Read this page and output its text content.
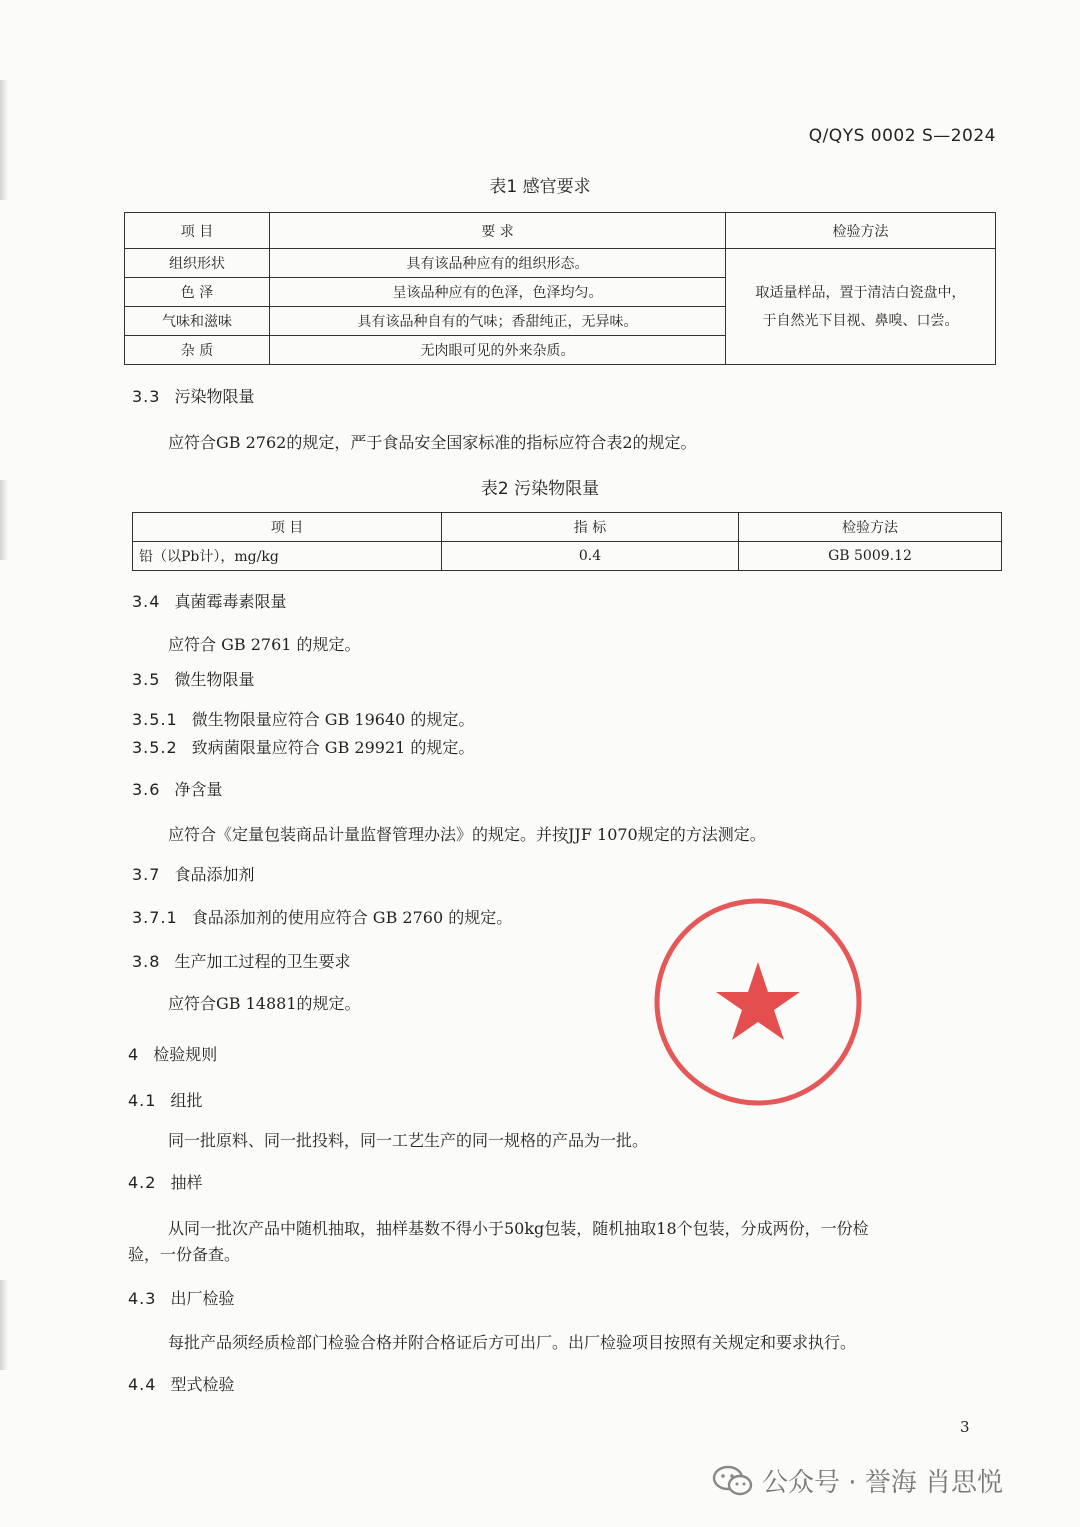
Q/QYS 0002 S—2024
表1 感官要求
项 目	要 求	检验方法
组织形状	具有该品种应有的组织形态。	取适量样品，置于清洁白瓷盘中，
于自然光下目视、鼻嗅、口尝。

色 泽	呈该品种应有的色泽，色泽均匀。	
气味和滋味	具有该品种自有的气味；香甜纯正，无异味。	
杂 质	无肉眼可见的外来杂质。	
3.3 污染物限量
应符合GB 2762的规定，严于食品安全国家标准的指标应符合表2的规定。
表2 污染物限量
项 目	指 标	检验方法
铅（以Pb计），mg/kg	0.4	GB 5009.12
3.4 真菌霉毒素限量
应符合 GB 2761 的规定。
3.5 微生物限量
3.5.1 微生物限量应符合 GB 19640 的规定。
3.5.2 致病菌限量应符合 GB 29921 的规定。
3.6 净含量
应符合《定量包装商品计量监督管理办法》的规定。并按JJF 1070规定的方法测定。
3.7 食品添加剂
3.7.1 食品添加剂的使用应符合 GB 2760 的规定。
3.8 生产加工过程的卫生要求
应符合GB 14881的规定。
4 检验规则
4.1 组批
同一批原料、同一批投料，同一工艺生产的同一规格的产品为一批。
4.2 抽样
从同一批次产品中随机抽取，抽样基数不得小于50kg包装，随机抽取18个包装，分成两份，一份检
验，一份备查。
4.3 出厂检验
每批产品须经质检部门检验合格并附合格证后方可出厂。出厂检验项目按照有关规定和要求执行。
4.4 型式检验
3
公众号 · 誉海 肖思悦
